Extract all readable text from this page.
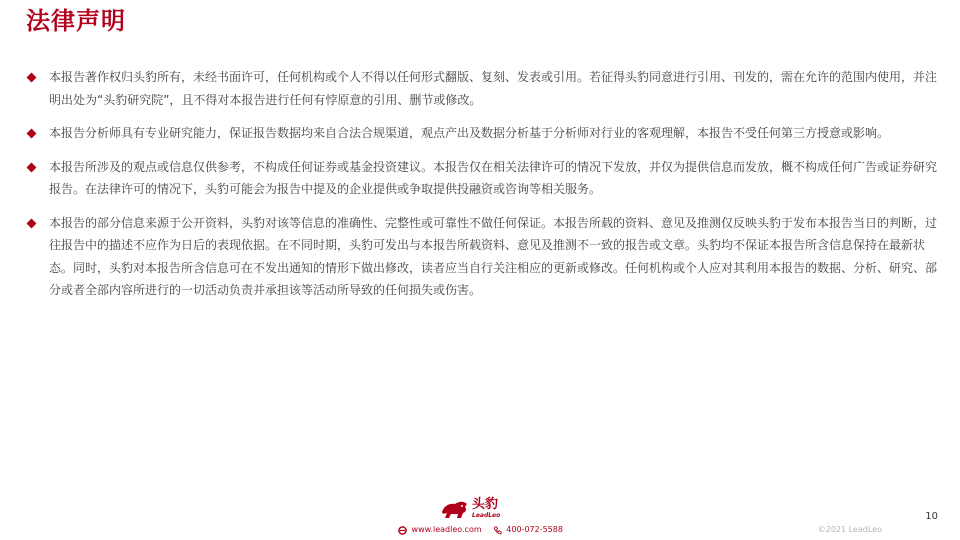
法律声明
本报告著作权归头豹所有，未经书面许可，任何机构或个人不得以任何形式翻版、复刻、发表或引用。若征得头豹同意进行引用、刊发的，需在允许的范围内使用，并注明出处为“头豹研究院”，且不得对本报告进行任何有悖原意的引用、删节或修改。
本报告分析师具有专业研究能力，保证报告数据均来自合法合规渠道，观点产出及数据分析基于分析师对行业的客观理解，本报告不受任何第三方授意或影响。
本报告所涉及的观点或信息仅供参考，不构成任何证券或基金投资建议。本报告仅在相关法律许可的情况下发放，并仅为提供信息而发放，概不构成任何广告或证券研究报告。在法律许可的情况下，头豹可能会为报告中提及的企业提供或争取提供投融资或咨询等相关服务。
本报告的部分信息来源于公开资料，头豹对该等信息的准确性、完整性或可靠性不做任何保证。本报告所载的资料、意见及推测仅反映头豹于发布本报告当日的判断，过往报告中的描述不应作为日后的表现依据。在不同时期，头豹可发出与本报告所载资料、意见及推测不一致的报告或文章。头豹均不保证本报告所含信息保持在最新状态。同时，头豹对本报告所含信息可在不发出通知的情形下做出修改，读者应当自行关注相应的更新或修改。任何机构或个人应对其利用本报告的数据、分析、研究、部分或者全部内容所进行的一切活动负责并承担该等活动所导致的任何损失或伤害。
10
头豹
LeadLeo
www.leadleo.com	400-072-5588	©2021 LeadLeo
